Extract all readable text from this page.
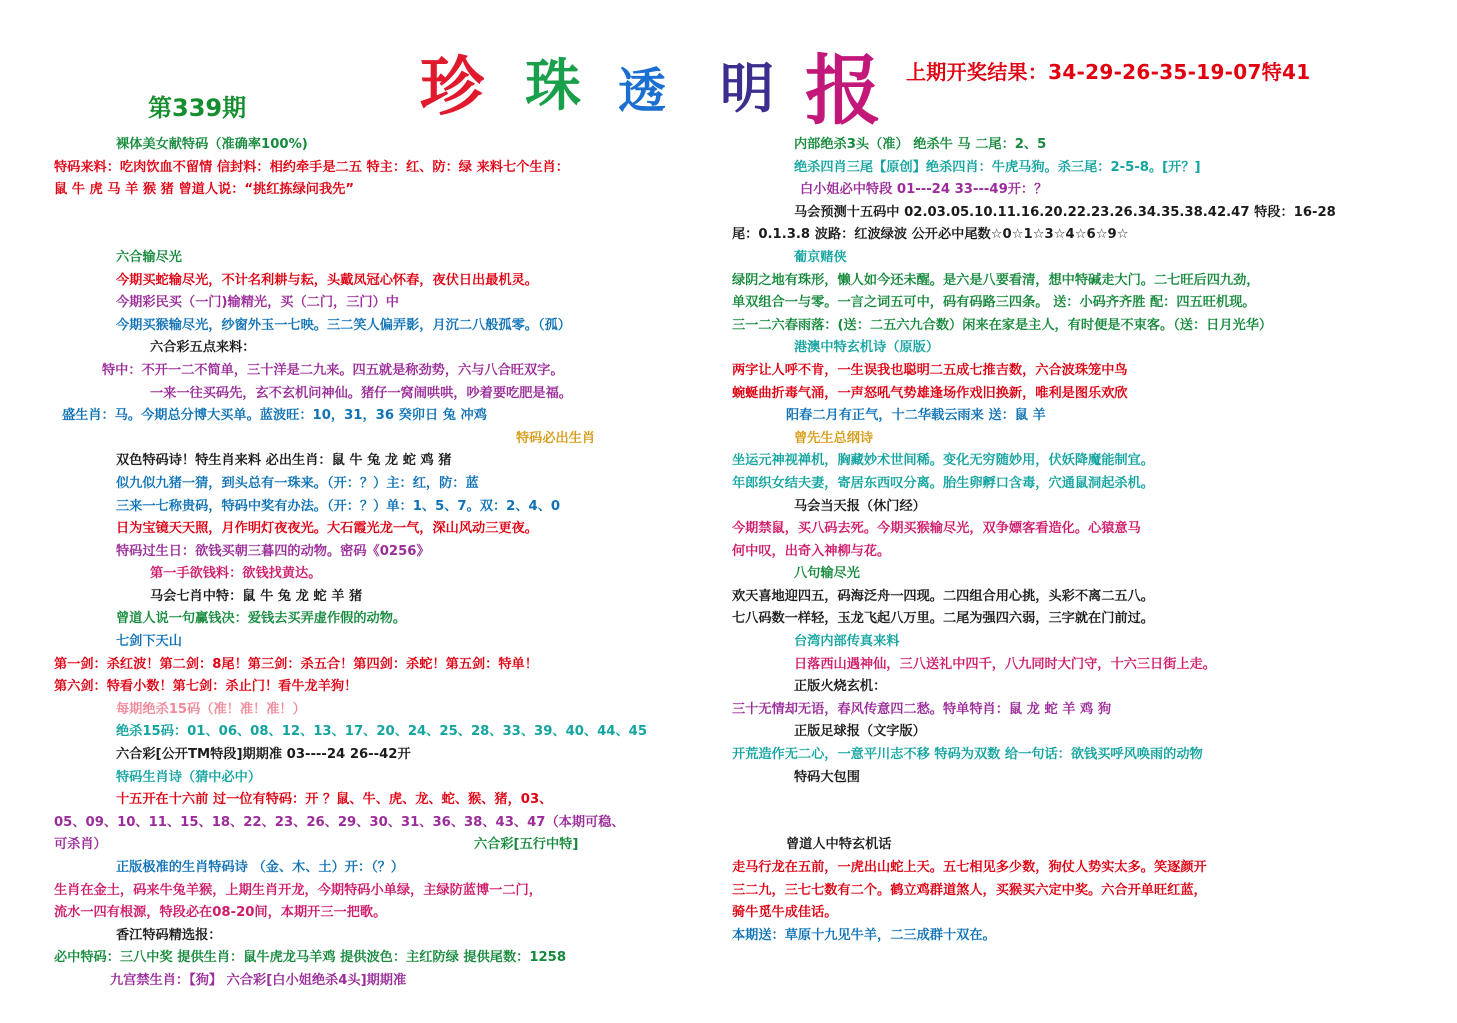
珍 珠 透 明 报
第339期
上期开奖结果：34-29-26-35-19-07特41
裸体美女献特码（准确率100%)
特码来料：吃肉饮血不留情 信封料：相约牵手是二五 特主：红、防：绿 来料七个生肖：
鼠 牛 虎 马 羊 猴 猪 曾道人说：“挑红拣绿问我先”
六合输尽光
今期买蛇输尽光，不计名利耕与耘，头戴凤冠心怀春，夜伏日出最机灵。
今期彩民买（一门)输精光，买（二门，三门）中
今期买猴输尽光，纱窗外玉一七映。三二笑人偏弄影，月沉二八般孤零。（孤）
六合彩五点来料：
特中：不开一二不简单，三十洋是二九来。四五就是称劲势，六与八合旺双字。
一来一往买码先，玄不玄机问神仙。猪仔一窝闹哄哄，吵着要吃肥是福。
盛生肖：马。今期总分博大买单。蓝波旺：10，31，36 癸卯日 兔 冲鸡
特码必出生肖
双色特码诗！特生肖来料 必出生肖：鼠 牛 兔 龙 蛇 鸡 猪
似九似九猪一猜，到头总有一珠来。（开：？）主：红，防：蓝
三来一七称贵码，特码中奖有办法。（开：？）单：1、5、7。双：2、4、0
日为宝镜天天照，月作明灯夜夜光。大石霞光龙一气，深山风动三更夜。
特码过生日：欲钱买朝三暮四的动物。密码《0256》
第一手欲钱料：欲钱找黄达。
马会七肖中特：鼠 牛 兔 龙 蛇 羊 猪
曾道人说一句赢钱决：爱钱去买弄虚作假的动物。
七剑下天山
第一剑：杀红波！第二剑：8尾！第三剑：杀五合！第四剑：杀蛇！第五剑：特单！
第六剑：特看小数！第七剑：杀止门！看牛龙羊狗！
每期绝杀15码（准！准！准！）
绝杀15码：01、06、08、12、13、17、20、24、25、28、33、39、40、44、45
六合彩[公开TM特段]期期准 03----24 26--42开
特码生肖诗（猜中必中）
十五开在十六前 过一位有特码：开 ？鼠、牛、虎、龙、蛇、猴、猪，03、
05、09、10、11、15、18、22、23、26、29、30、31、36、38、43、47（本期可稳、
可杀肖）	六合彩[五行中特]
正版极准的生肖特码诗 （金、木、土）开：（？）
生肖在金土，码来牛兔羊猴，上期生肖开龙，今期特码小单绿，主绿防蓝博一二门，
流水一四有根源，特段必在08-20间，本期开三一把歌。
香江特码精选报：
必中特码：三八中奖 提供生肖：鼠牛虎龙马羊鸡 提供波色：主红防绿 提供尾数：1258
九宫禁生肖：【狗】 六合彩[白小姐绝杀4头]期期准
内部绝杀3头（准） 绝杀牛 马 二尾：2、5
绝杀四肖三尾【原创】绝杀四肖：牛虎马狗。杀三尾：2-5-8。[开？]
白小姐必中特段 01---24 33---49开：？
马会预测十五码中 02.03.05.10.11.16.20.22.23.26.34.35.38.42.47 特段：16-28
尾：0.1.3.8 波路：红波绿波 公开必中尾数☆0☆1☆3☆4☆6☆9☆
葡京赌侠
绿阴之地有珠形，懒人如今还未醒。是六是八要看清，想中特碱走大门。二七旺后四九劲，
单双组合一与零。一言之词五可中，码有码路三四条。 送：小码齐齐胜 配：四五旺机现。
三一二六春雨落：(送：二五六九合数）闲来在家是主人，有时便是不束客。（送：日月光华）
港澳中特玄机诗（原版）
两字让人呼不肯，一生误我也聪明二五成七推吉数，六合波珠笼中鸟
蜿蜒曲折毒气涌，一声怒吼气势雄逢场作戏旧换新，唯利是图乐欢欣
阳春二月有正气，十二华载云雨来 送：鼠 羊
曾先生总纲诗
坐运元神视禅机，胸藏妙术世间稀。变化无穷随妙用，伏妖降魔能制宜。
年郎织女结夫妻，寄居东西叹分离。胎生卵孵口含毒，穴通鼠洞起杀机。
马会当天报（休门经）
今期禁鼠，买八码去死。今期买猴输尽光，双争嫖客看造化。心猿意马
何中叹，出奇入神柳与花。
八句输尽光
欢天喜地迎四五，码海泛舟一四现。二四组合用心挑，头彩不离二五八。
七八码数一样轻，玉龙飞起八万里。二尾为强四六弱，三字就在门前过。
台湾内部传真来料
日落西山遇神仙，三八送礼中四千，八九同时大门守，十六三日街上走。
正版火烧玄机：
三十无情却无语，春风传意四二愁。特单特肖：鼠 龙 蛇 羊 鸡 狗
正版足球报（文字版）
开荒造作无二心，一意平川志不移 特码为双数 给一句话：欲钱买呼风唤雨的动物
特码大包围
曾道人中特玄机话
走马行龙在五前，一虎出山蛇上天。五七相见多少数，狗仗人势实太多。笑逐颜开
三二九，三七七数有二个。鹤立鸡群道煞人，买猴买六定中奖。六合开单旺红蓝，
骑牛觅牛成佳话。
本期送：草原十九见牛羊，二三成群十双在。
